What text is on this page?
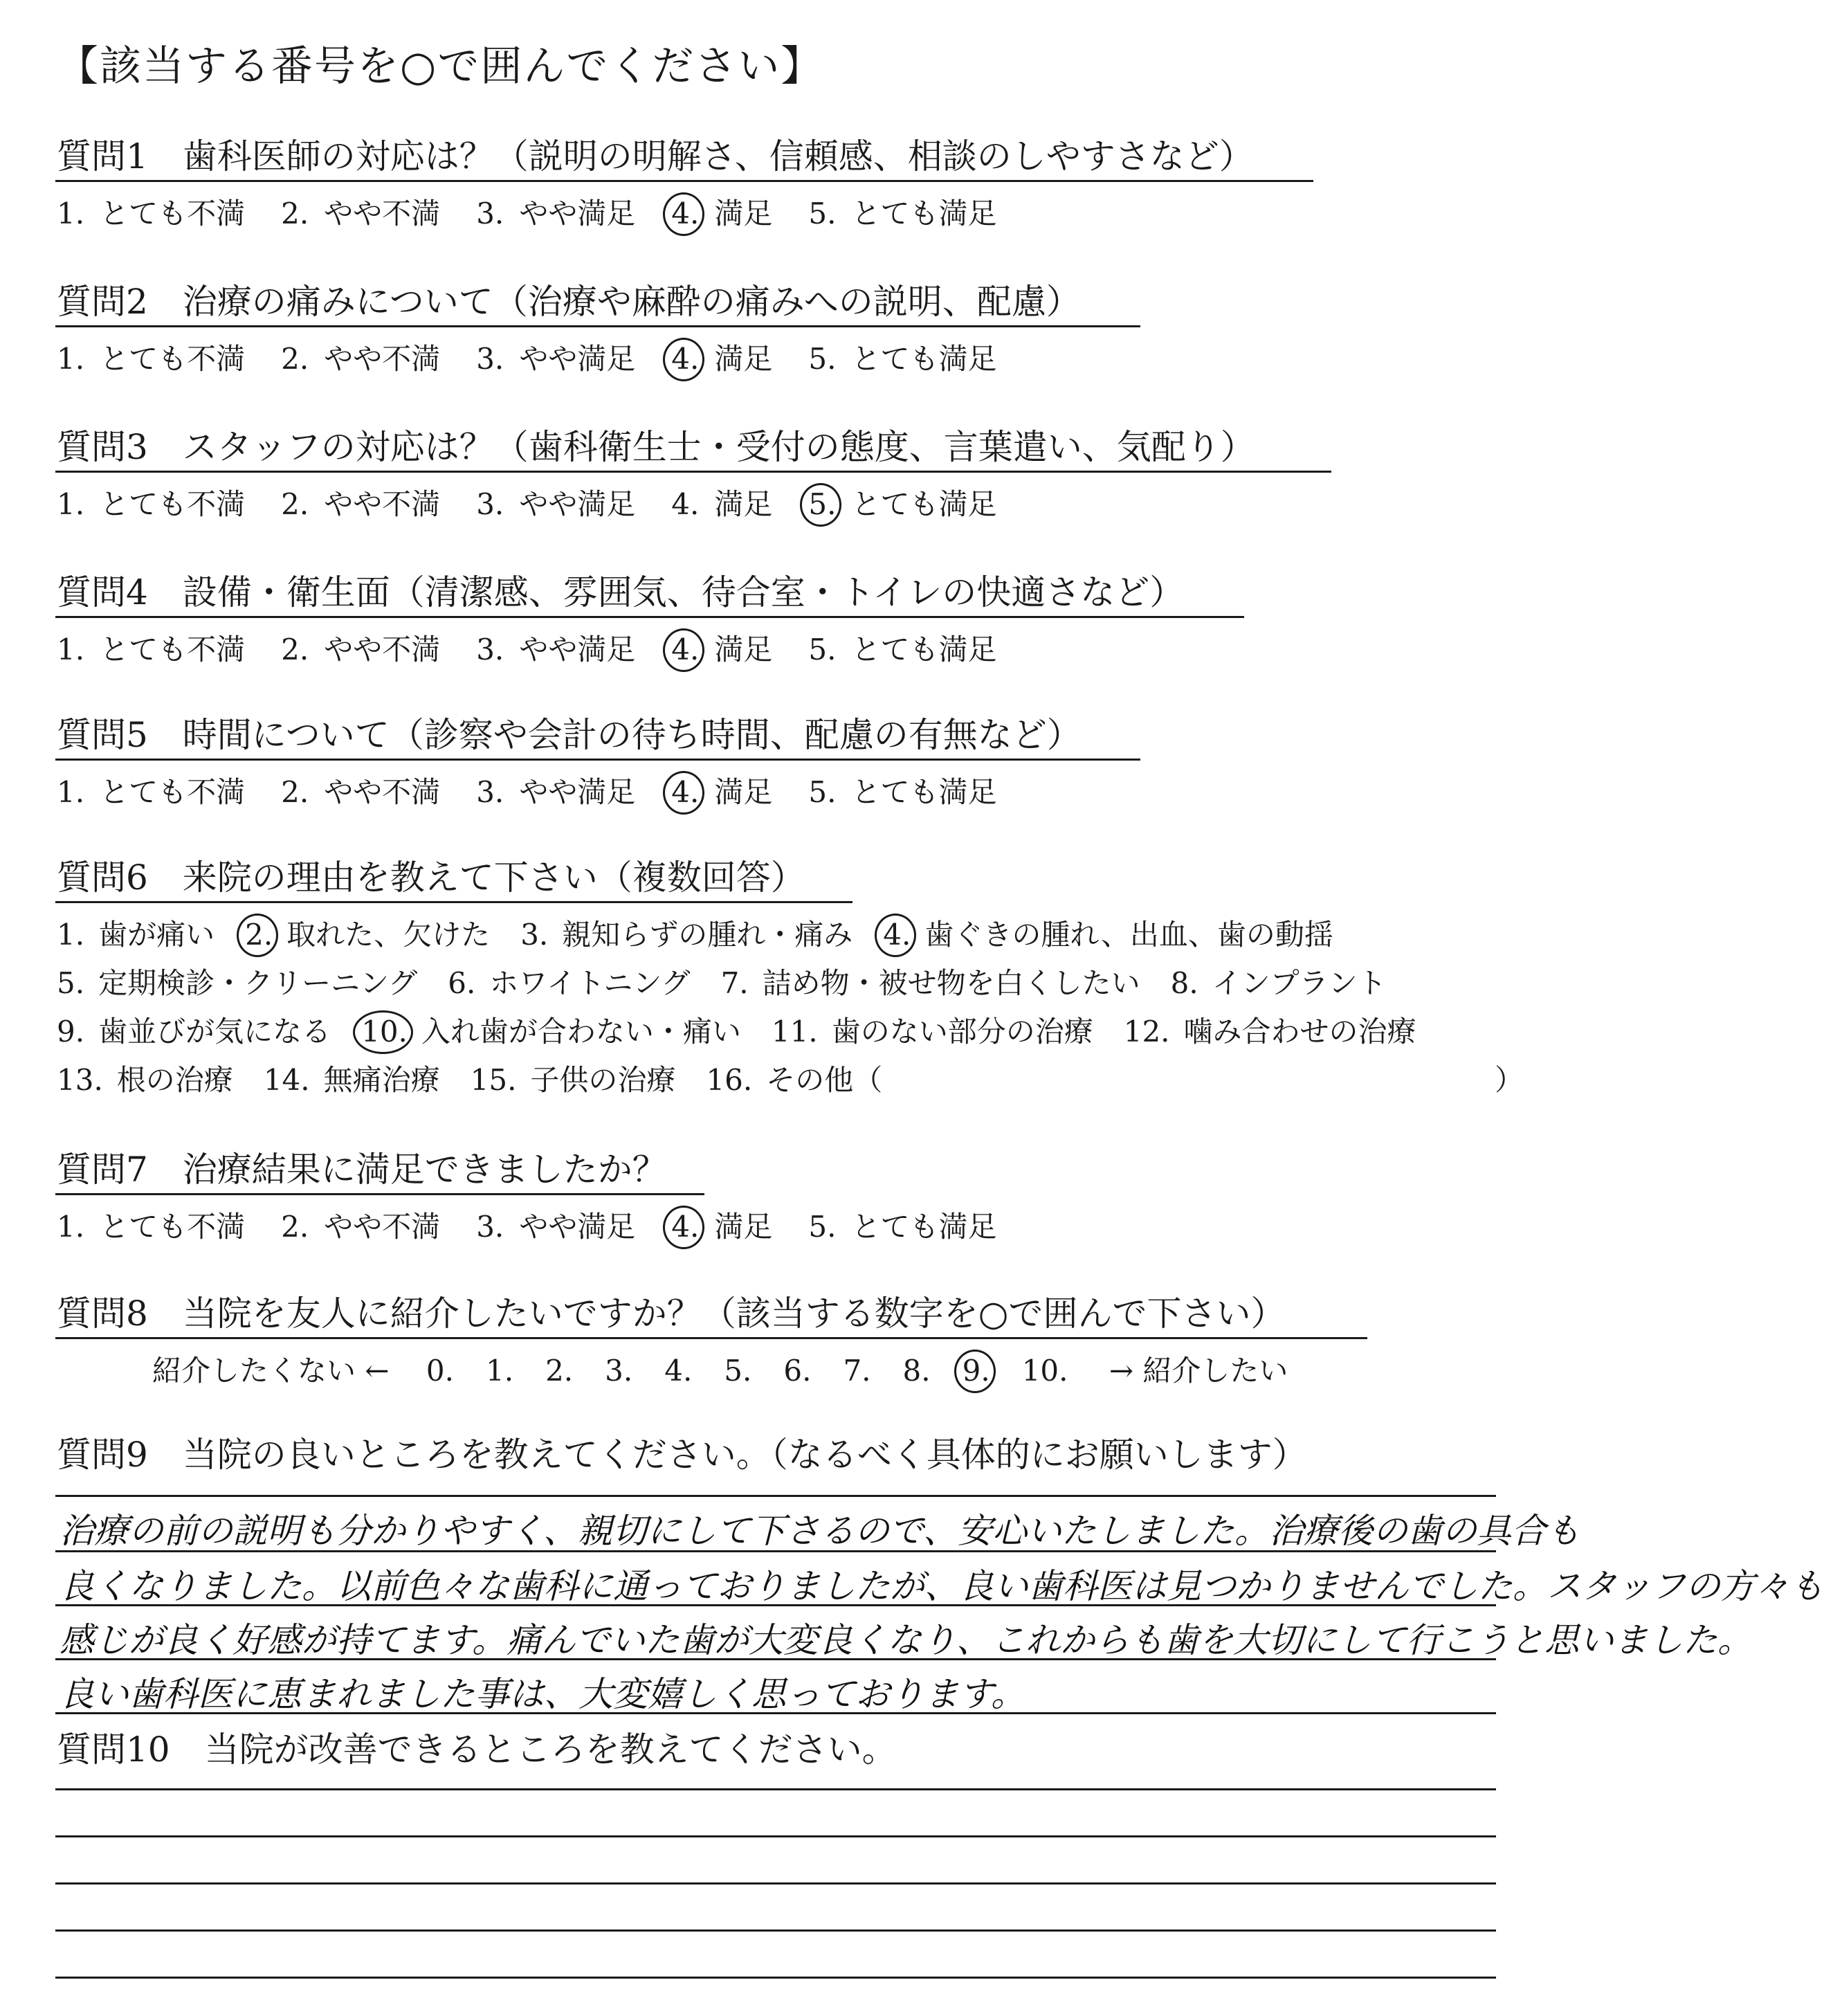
【該当する番号を○で囲んでください】
質問1　歯科医師の対応は？（説明の明解さ、信頼感、相談のしやすさなど）
1. とても不満 2. やや不満 3. やや満足 4. 満足 5. とても満足
質問2　治療の痛みについて（治療や麻酔の痛みへの説明、配慮）
1. とても不満 2. やや不満 3. やや満足 4. 満足 5. とても満足
質問3　スタッフの対応は？（歯科衛生士・受付の態度、言葉遣い、気配り）
1. とても不満 2. やや不満 3. やや満足 4. 満足 5. とても満足
質問4　設備・衛生面（清潔感、雰囲気、待合室・トイレの快適さなど）
1. とても不満 2. やや不満 3. やや満足 4. 満足 5. とても満足
質問5　時間について（診察や会計の待ち時間、配慮の有無など）
1. とても不満 2. やや不満 3. やや満足 4. 満足 5. とても満足
質問6　来院の理由を教えて下さい（複数回答）
1. 歯が痛い 2. 取れた、欠けた 3. 親知らずの腫れ・痛み 4. 歯ぐきの腫れ、出血、歯の動揺
5. 定期検診・クリーニング 6. ホワイトニング 7. 詰め物・被せ物を白くしたい 8. インプラント
9. 歯並びが気になる 10. 入れ歯が合わない・痛い 11. 歯のない部分の治療 12. 噛み合わせの治療
13. 根の治療 14. 無痛治療 15. 子供の治療 16. その他（	）
質問7　治療結果に満足できましたか？
1. とても不満 2. やや不満 3. やや満足 4. 満足 5. とても満足
質問8　当院を友人に紹介したいですか？（該当する数字を○で囲んで下さい）
紹介したくない ← 0. 1. 2. 3. 4. 5. 6. 7. 8. 9. 10. → 紹介したい
質問9　当院の良いところを教えてください。（なるべく具体的にお願いします）
治療の前の説明も分かりやすく、親切にして下さるので、安心いたしました。治療後の歯の具合も
良くなりました。以前色々な歯科に通っておりましたが、良い歯科医は見つかりませんでした。スタッフの方々も
感じが良く好感が持てます。痛んでいた歯が大変良くなり、これからも歯を大切にして行こうと思いました。
良い歯科医に恵まれました事は、大変嬉しく思っております。
質問10　当院が改善できるところを教えてください。
